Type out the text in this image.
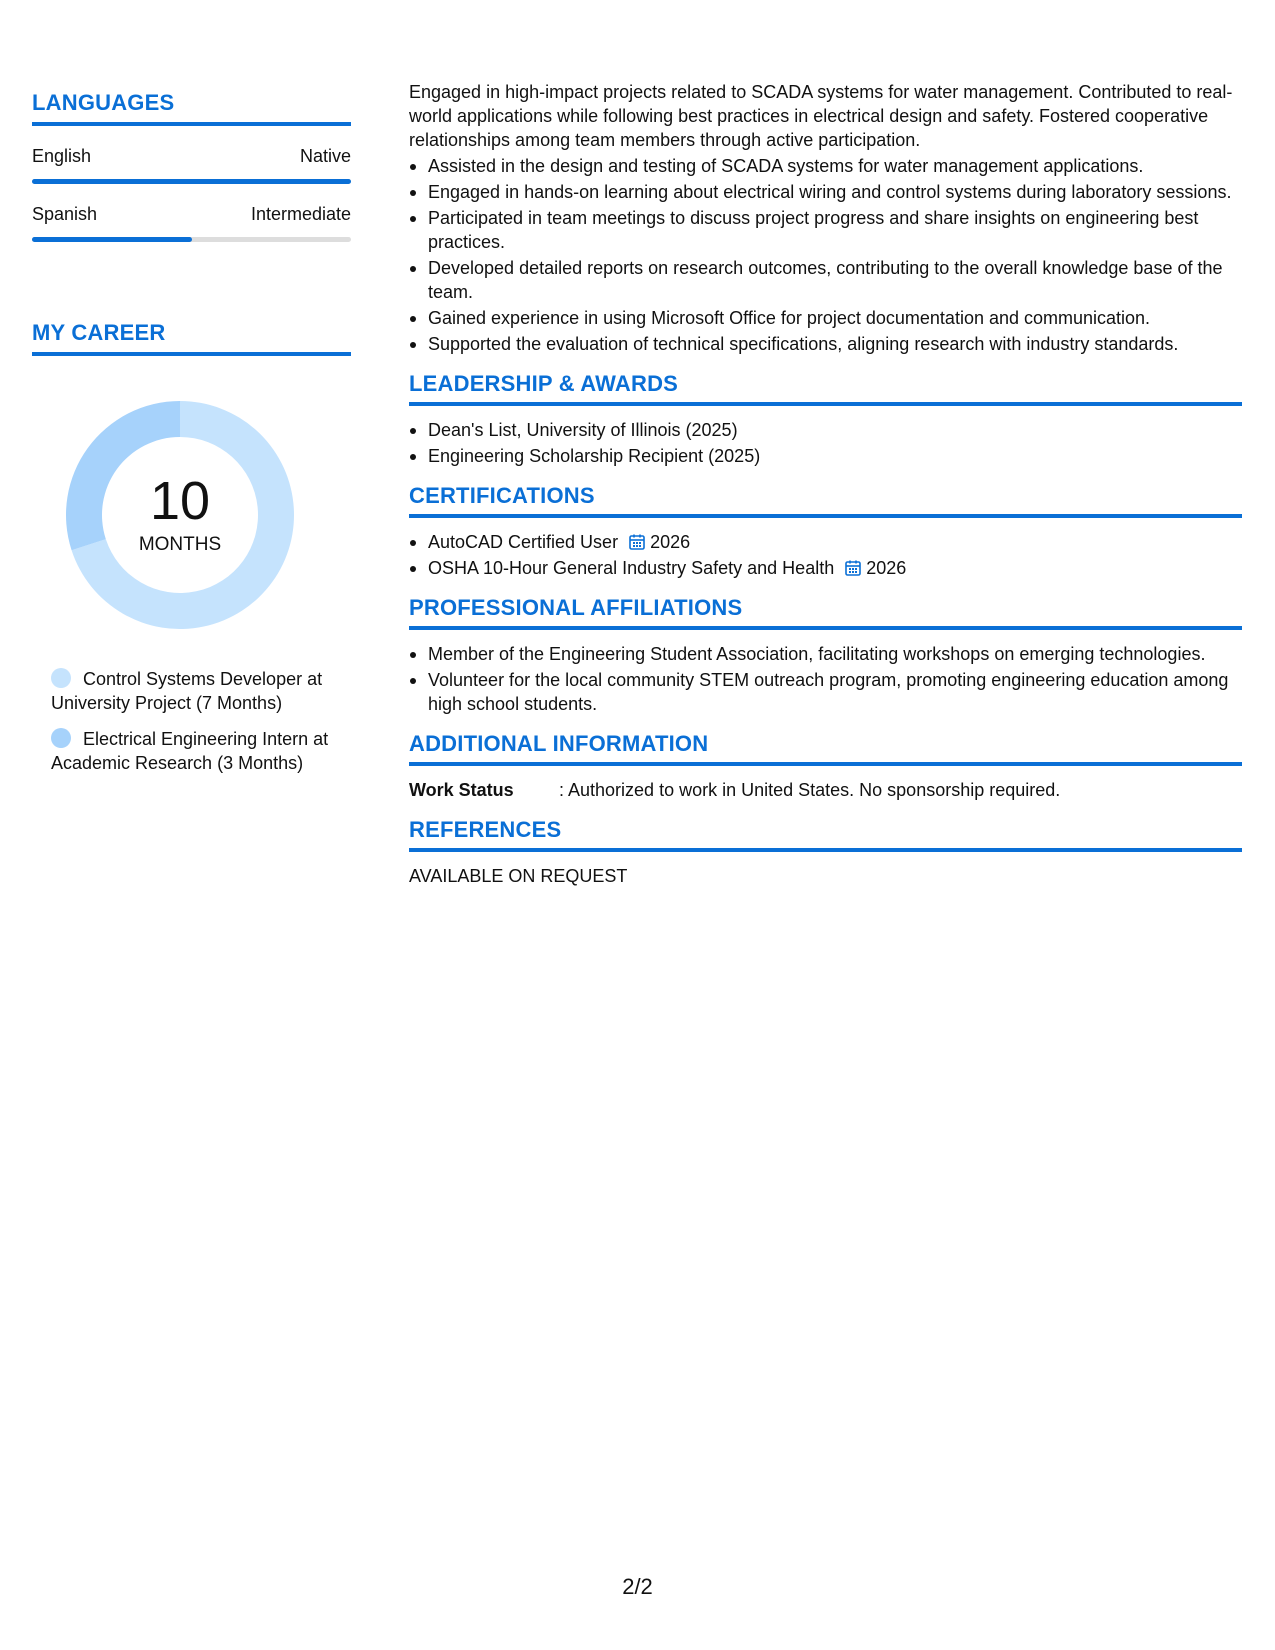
LANGUAGES
English	Native
Spanish	Intermediate
MY CAREER
10
MONTHS
Control Systems Developer at University Project (7 Months)
Electrical Engineering Intern at Academic Research (3 Months)

Engaged in high-impact projects related to SCADA systems for water management. Contributed to real-world applications while following best practices in electrical design and safety. Fostered cooperative relationships among team members through active participation.

Assisted in the design and testing of SCADA systems for water management applications.
Engaged in hands-on learning about electrical wiring and control systems during laboratory sessions.
Participated in team meetings to discuss project progress and share insights on engineering best practices.
Developed detailed reports on research outcomes, contributing to the overall knowledge base of the team.
Gained experience in using Microsoft Office for project documentation and communication.
Supported the evaluation of technical specifications, aligning research with industry standards.
LEADERSHIP & AWARDS
Dean's List, University of Illinois (2025)
Engineering Scholarship Recipient (2025)
CERTIFICATIONS
AutoCAD Certified User 2026
OSHA 10-Hour General Industry Safety and Health 2026
PROFESSIONAL AFFILIATIONS
Member of the Engineering Student Association, facilitating workshops on emerging technologies.
Volunteer for the local community STEM outreach program, promoting engineering education among high school students.
ADDITIONAL INFORMATION
Work Status	: Authorized to work in United States. No sponsorship required.
REFERENCES
AVAILABLE ON REQUEST
2/2
